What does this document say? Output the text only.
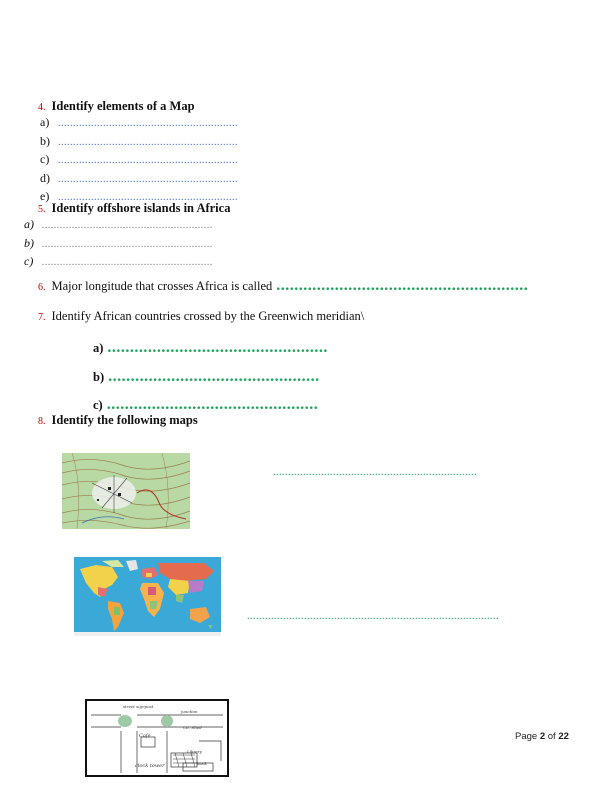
4. Identify elements of a Map
a) ............................................................
b) ............................................................
c) ............................................................
d) ............................................................
e) ............................................................
5. Identify offshore islands in Africa
a) .........................................................
b) .........................................................
c) .........................................................
6. Major longitude that crosses Africa is called ........................................................
7. Identify African countries crossed by the Greenwich meridian\
a) .................................................
b) ...............................................
c) ...............................................
8. Identify the following maps
....................................................................
....................................................................................
street signpost
junction
Cit. Shed
Cafe
Library
clock tower	bank
Page 2 of 22
